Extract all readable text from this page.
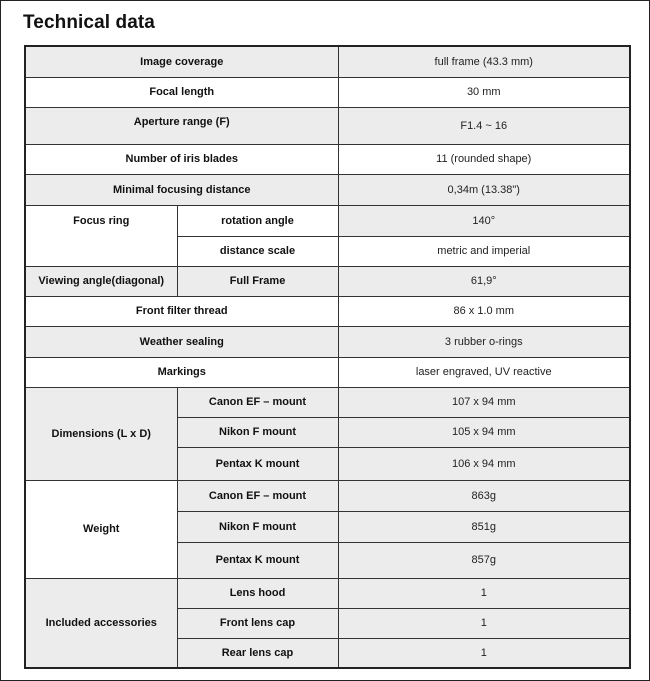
Technical data
Image coverage		full frame (43.3 mm)
Focal length		30 mm
Aperture range (F)		F1.4 ~ 16
Number of iris blades		11 (rounded shape)
Minimal focusing distance		0,34m (13.38")
Focus ring	rotation angle	140°
	distance scale	metric and imperial
Viewing angle(diagonal)	Full Frame	61,9°
Front filter thread		86 x 1.0 mm
Weather sealing		3 rubber o-rings
Markings		laser engraved, UV reactive
Dimensions (L x D)	Canon EF – mount	107 x 94 mm
	Nikon F mount	105 x 94 mm
	Pentax K mount	106 x 94 mm
Weight	Canon EF – mount	863g
	Nikon F mount	851g
	Pentax K mount	857g
Included accessories	Lens hood	1
	Front lens cap	1
	Rear lens cap	1
